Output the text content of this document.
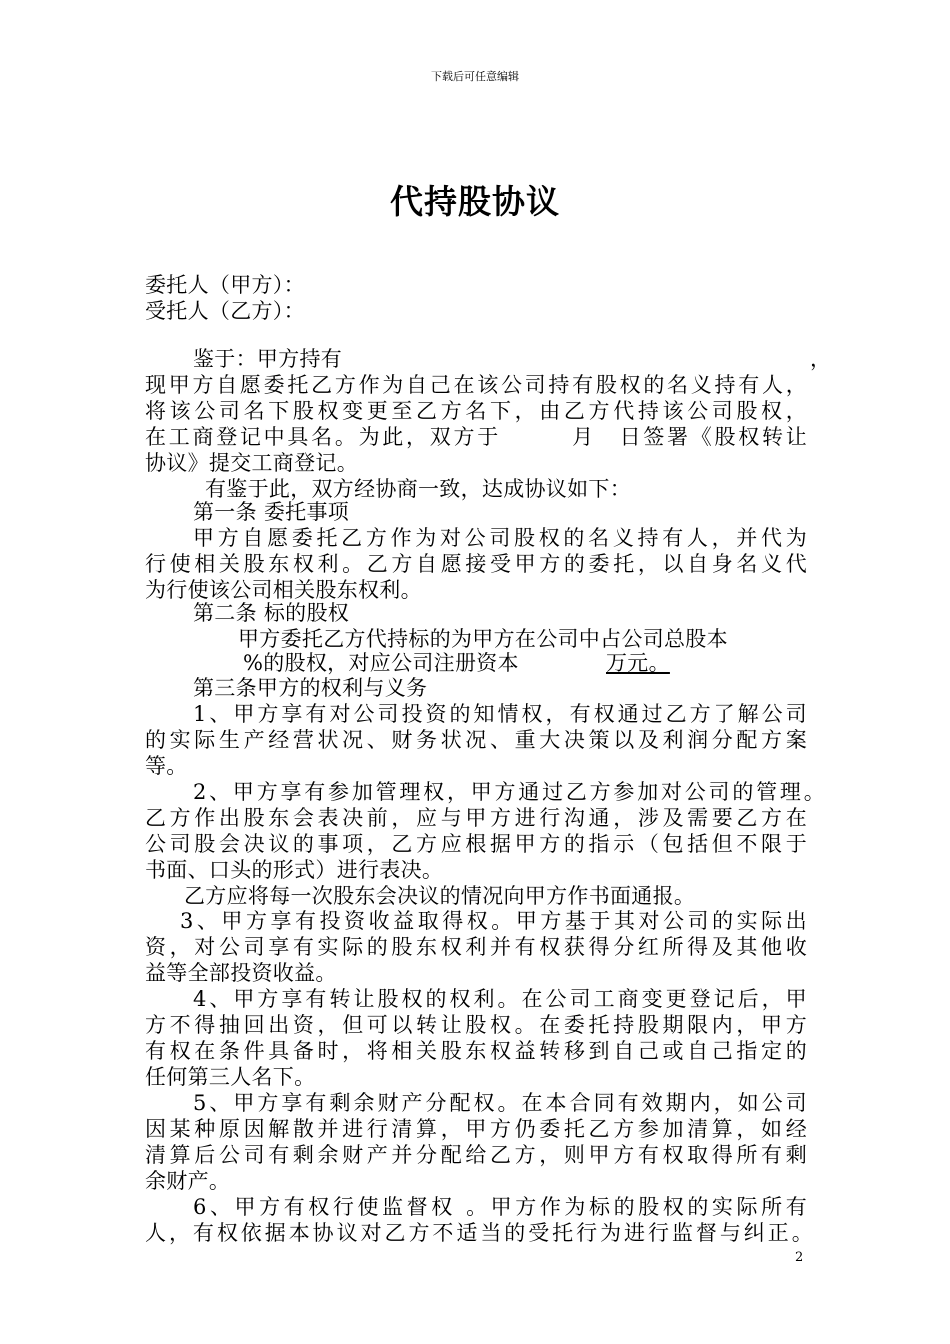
下载后可任意编辑
代持股协议
委托人（甲方）：
受托人（乙方）：
鉴于：甲方持有	，
现甲方自愿委托乙方作为自己在该公司持有股权的名义持有人，
将该公司名下股权变更至乙方名下，由乙方代持该公司股权，
在工商登记中具名。为此，双方于　　　月　日签署《股权转让
协议》提交工商登记。
有鉴于此，双方经协商一致，达成协议如下：
第一条 委托事项
甲方自愿委托乙方作为对公司股权的名义持有人，并代为
行使相关股东权利。乙方自愿接受甲方的委托，以自身名义代
为行使该公司相关股东权利。
第二条 标的股权
甲方委托乙方代持标的为甲方在公司中占公司总股本
%的股权，对应公司注册资本	万元。
第三条甲方的权利与义务
1、甲方享有对公司投资的知情权，有权通过乙方了解公司
的实际生产经营状况、财务状况、重大决策以及利润分配方案
等。
2、甲方享有参加管理权，甲方通过乙方参加对公司的管理。
乙方作出股东会表决前，应与甲方进行沟通，涉及需要乙方在
公司股会决议的事项，乙方应根据甲方的指示（包括但不限于
书面、口头的形式）进行表决。
乙方应将每一次股东会决议的情况向甲方作书面通报。
3、甲方享有投资收益取得权。甲方基于其对公司的实际出
资，对公司享有实际的股东权利并有权获得分红所得及其他收
益等全部投资收益。
4、甲方享有转让股权的权利。在公司工商变更登记后，甲
方不得抽回出资，但可以转让股权。在委托持股期限内，甲方
有权在条件具备时，将相关股东权益转移到自己或自己指定的
任何第三人名下。
5、甲方享有剩余财产分配权。在本合同有效期内，如公司
因某种原因解散并进行清算，甲方仍委托乙方参加清算，如经
清算后公司有剩余财产并分配给乙方，则甲方有权取得所有剩
余财产。
6、甲方有权行使监督权 。甲方作为标的股权的实际所有
人，有权依据本协议对乙方不适当的受托行为进行监督与纠正。
2
